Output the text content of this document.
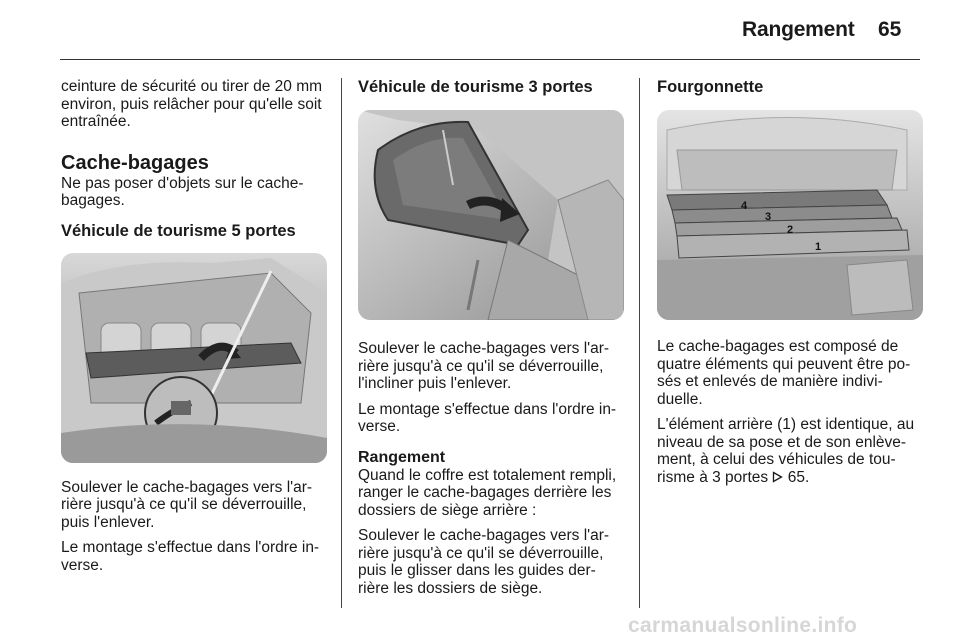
Rangement 65

ceinture de sécurité ou tirer de 20 mm environ, puis relâcher pour qu'elle soit entraînée.

Cache-bagages

Ne pas poser d'objets sur le cache-bagages.

Véhicule de tourisme 5 portes

Soulever le cache-bagages vers l'ar-rière jusqu'à ce qu'il se déverrouille, puis l'enlever.

Le montage s'effectue dans l'ordre in-verse.

Véhicule de tourisme 3 portes

Soulever le cache-bagages vers l'ar-rière jusqu'à ce qu'il se déverrouille, l'incliner puis l'enlever.

Le montage s'effectue dans l'ordre in-verse.

Rangement

Quand le coffre est totalement rempli, ranger le cache-bagages derrière les dossiers de siège arrière :

Soulever le cache-bagages vers l'ar-rière jusqu'à ce qu'il se déverrouille, puis le glisser dans les guides der-rière les dossiers de siège.

Fourgonnette
4
3
2
1

Le cache-bagages est composé de quatre éléments qui peuvent être po-sés et enlevés de manière indivi-duelle.

L'élément arrière (1) est identique, au niveau de sa pose et de son enlève-ment, à celui des véhicules de tou-risme à 3 portes  65.

carmanualsonline.info
